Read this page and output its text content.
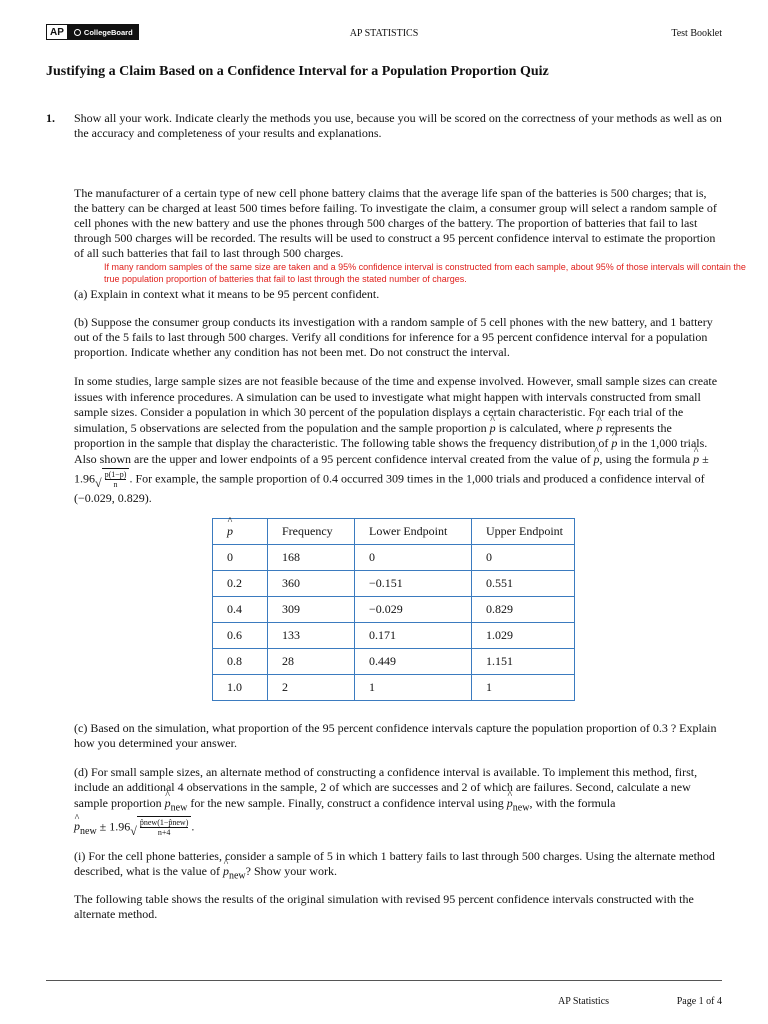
AP	CollegeBoard	AP STATISTICS	Test Booklet
Justifying a Claim Based on a Confidence Interval for a Population Proportion Quiz
1. Show all your work. Indicate clearly the methods you use, because you will be scored on the correctness of your methods as well as on the accuracy and completeness of your results and explanations.

The manufacturer of a certain type of new cell phone battery claims that the average life span of the batteries is 500 charges; that is, the battery can be charged at least 500 times before failing. To investigate the claim, a consumer group will select a random sample of cell phones with the new battery and use the phones through 500 charges of the battery. The proportion of batteries that fail to last through 500 charges will be recorded. The results will be used to construct a 95 percent confidence interval to estimate the proportion of all such batteries that fail to last through 500 charges.

If many random samples of the same size are taken and a 95% confidence interval is constructed from each sample, about 95% of those intervals will contain the true population proportion of batteries that fail to last through the stated number of charges.

(a) Explain in context what it means to be 95 percent confident.

(b) Suppose the consumer group conducts its investigation with a random sample of 5 cell phones with the new battery, and 1 battery out of the 5 fails to last through 500 charges. Verify all conditions for inference for a 95 percent confidence interval for a population proportion. Indicate whether any condition has not been met. Do not construct the interval.

In some studies, large sample sizes are not feasible because of the time and expense involved. However, small sample sizes can create issues with inference procedures. A simulation can be used to investigate what might happen with intervals constructed from small sample sizes. Consider a population in which 30 percent of the population displays a certain characteristic. For each trial of the simulation, 5 observations are selected from the population and the sample proportion ^ p is calculated, where ^ p represents the proportion in the sample that display the characteristic. The following table shows the frequency distribution of ^ p in the 1,000 trials. Also shown are the upper and lower endpoints of a 95 percent confidence interval created from the value of ^ p, using the formula ^ $p \pm 1.96√ \frac{p(1-p)}{n}$. For example, the sample proportion of 0.4 occurred 309 times in the 1,000 trials and produced a confidence interval of (−0.029, 0.829).

^ p	Frequency	Lower Endpoint	Upper Endpoint
0	168	0	0
0.2	360	−0.151	0.551
0.4	309	−0.029	0.829
0.6	133	0.171	1.029
0.8	28	0.449	1.151
1.0	2	1	1

(c) Based on the simulation, what proportion of the 95 percent confidence intervals capture the population proportion of 0.3 ? Explain how you determined your answer.

(d) For small sample sizes, an alternate method of constructing a confidence interval is available. To implement this method, first, include an additional 4 observations in the sample, 2 of which are successes and 2 of which are failures. Second, calculate a new sample proportion ^ $p_{new}$ for the new sample. Finally, construct a confidence interval using ^ $p_{new}$, with the formula
^ $p_{new} \pm 1.96√ \frac{\text{p̂new(1−p̂new)}}{n+4}$.

(i) For the cell phone batteries, consider a sample of 5 in which 1 battery fails to last through 500 charges. Using the alternate method described, what is the value of ^ $p_{new}$? Show your work.

The following table shows the results of the original simulation with revised 95 percent confidence intervals constructed with the alternate method.

AP Statistics	Page 1 of 4
